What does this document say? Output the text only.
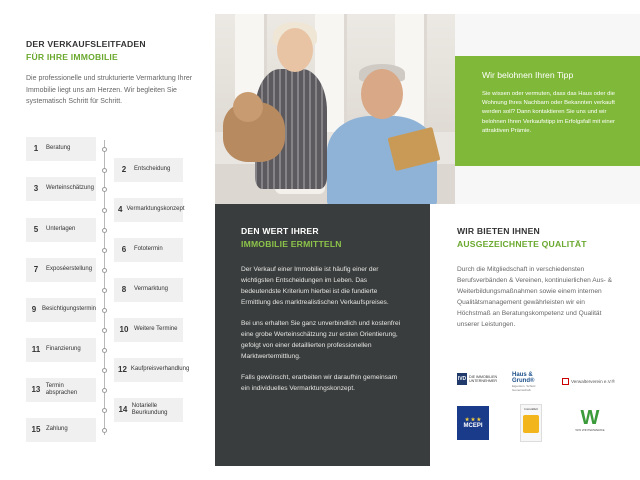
DER VERKAUFSLEITFADEN
FÜR IHRE IMMOBILIE
Die professionelle und strukturierte Vermarktung Ihrer Immobilie liegt uns am Herzen. Wir begleiten Sie systematisch Schritt für Schritt.
1	Beratung
2	Entscheidung
3	Werteinschätzung
4 Vermarktungskonzept
5	Unterlagen
6	Fototermin
7	Exposéerstellung
8	Vermarktung
9 Besichtigungstermin
10 Weitere Termine
11 Finanzierung
12 Kaufpreisverhandlung
13 Termin absprachen
14 Notarielle Beurkundung
15 Zahlung
Wir belohnen Ihren Tipp

Sie wissen oder vermuten, dass das Haus oder die Wohnung Ihres Nachbarn oder Bekannten verkauft werden soll? Dann kontaktieren Sie uns und wir belohnen Ihren Verkaufstipp im Erfolgsfall mit einer attraktiven Prämie.

DEN WERT IHRER
IMMOBILIE ERMITTELN

Der Verkauf einer Immobilie ist häufig einer der wichtigsten Entscheidungen im Leben. Das bedeutendste Kriterium hierbei ist die fundierte Ermittlung des marktrealistischen Verkaufspreises.

Bei uns erhalten Sie ganz unverbindlich und kostenfrei eine grobe Werteinschätzung zur ersten Orientierung, gefolgt von einer detaillierten professionellen Marktwertermittlung.

Falls gewünscht, erarbeiten wir daraufhin gemeinsam ein individuelles Vermarktungskonzept.

WIR BIETEN IHNEN
AUSGEZEICHNETE QUALITÄT

Durch die Mitgliedschaft in verschiedensten Berufsverbänden & Vereinen, kontinuierlichen Aus- & Weiterbildungsmaßnahmen sowie einem internen Qualitätsmanagement gewährleisten wir ein Höchstmaß an Beratungskompetenz und Qualität unserer Leistungen.

IVD DIE IMMOBILIEN
UNTERNEHMER
Haus & Grund®
Eigentum. Schutz. Gemeinschaft.
Verwalterverein e.V.®
★ ★ ★
MCEPI
ImmoWelt W
WW WINTERWERKE
